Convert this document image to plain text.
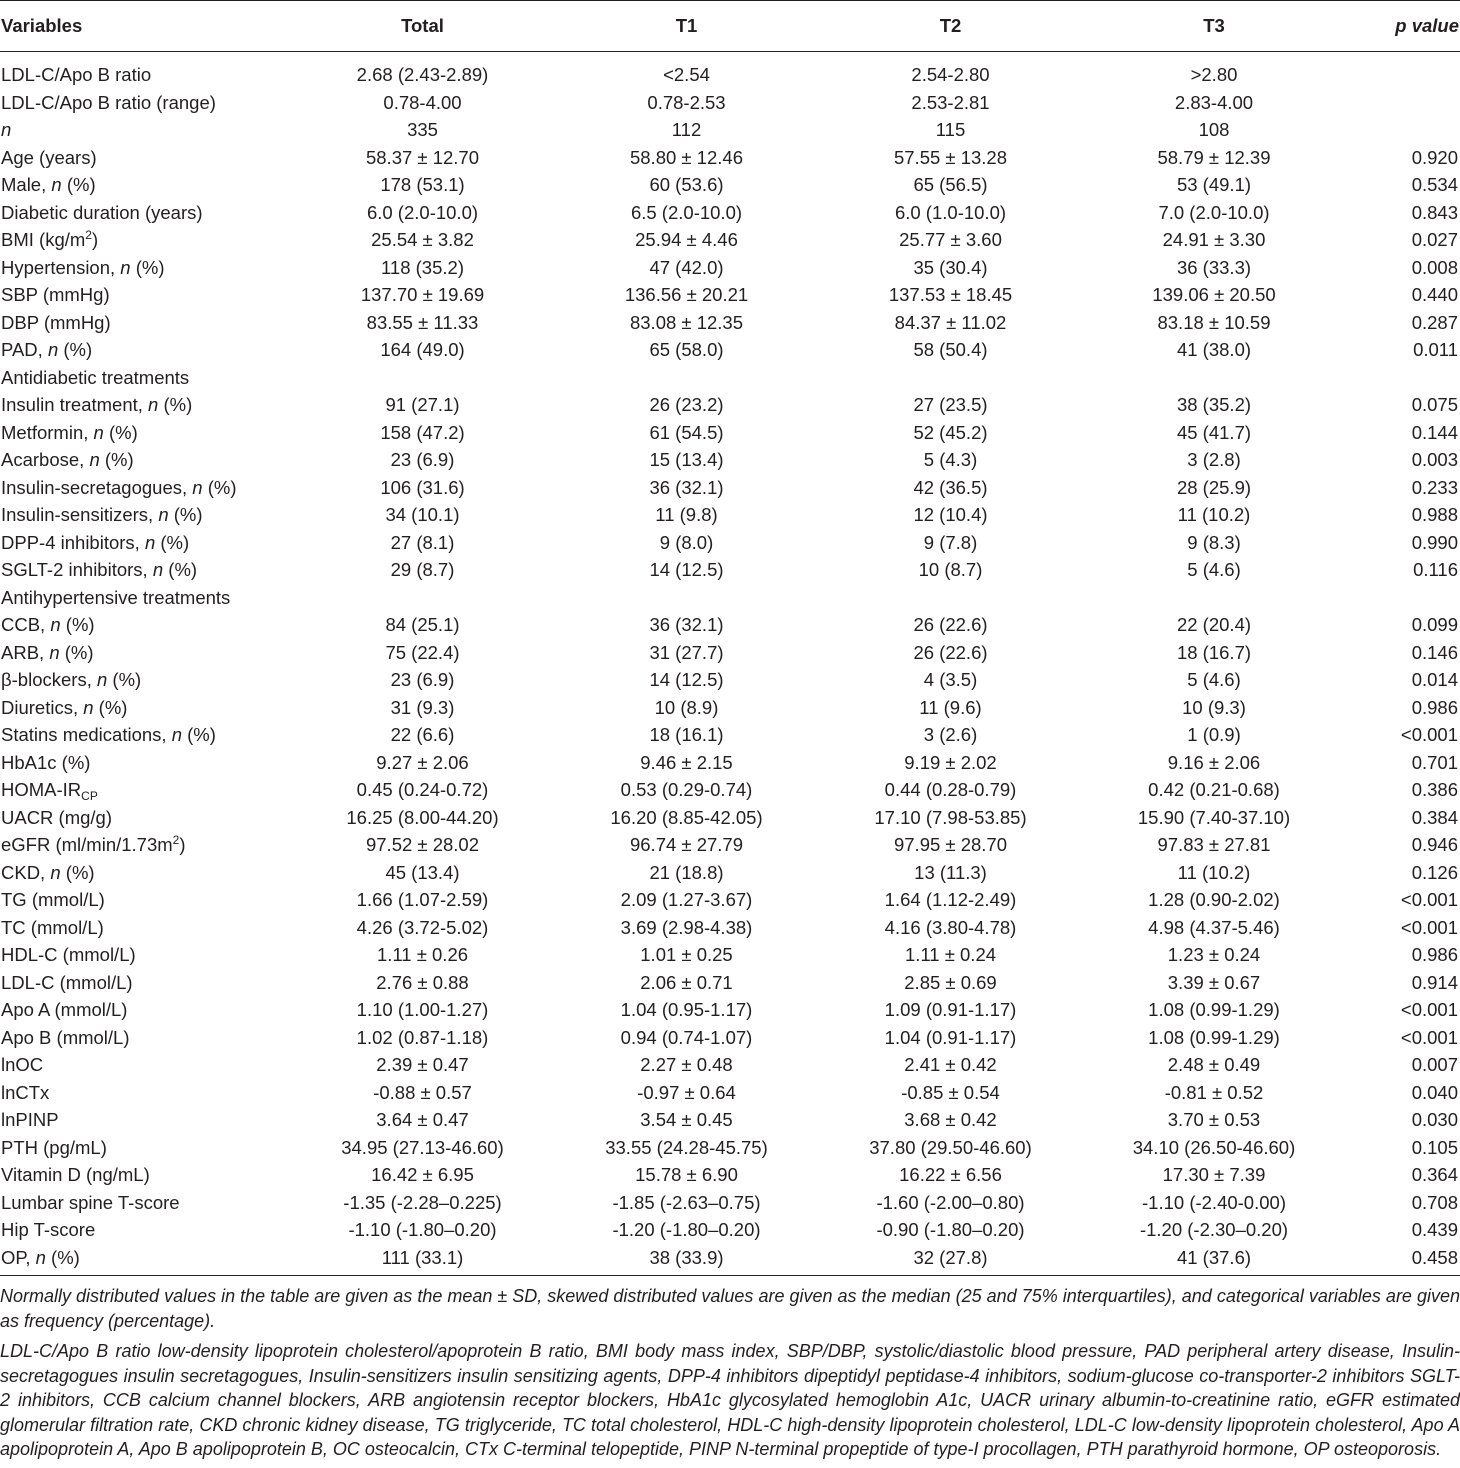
Variables	Total	T1	T2	T3	p value
LDL-C/Apo B ratio	2.68 (2.43-2.89)	<2.54	2.54-2.80	>2.80	
LDL-C/Apo B ratio (range)	0.78-4.00	0.78-2.53	2.53-2.81	2.83-4.00	
n	335	112	115	108	
Age (years)	58.37 ± 12.70	58.80 ± 12.46	57.55 ± 13.28	58.79 ± 12.39	0.920
Male, n (%)	178 (53.1)	60 (53.6)	65 (56.5)	53 (49.1)	0.534
Diabetic duration (years)	6.0 (2.0-10.0)	6.5 (2.0-10.0)	6.0 (1.0-10.0)	7.0 (2.0-10.0)	0.843
BMI $(kg/m^2)$	25.54 ± 3.82	25.94 ± 4.46	25.77 ± 3.60	24.91 ± 3.30	0.027
Hypertension, n (%)	118 (35.2)	47 (42.0)	35 (30.4)	36 (33.3)	0.008
SBP (mmHg)	137.70 ± 19.69	136.56 ± 20.21	137.53 ± 18.45	139.06 ± 20.50	0.440
DBP (mmHg)	83.55 ± 11.33	83.08 ± 12.35	84.37 ± 11.02	83.18 ± 10.59	0.287
PAD, n (%)	164 (49.0)	65 (58.0)	58 (50.4)	41 (38.0)	0.011
Antidiabetic treatments					
Insulin treatment, n (%)	91 (27.1)	26 (23.2)	27 (23.5)	38 (35.2)	0.075
Metformin, n (%)	158 (47.2)	61 (54.5)	52 (45.2)	45 (41.7)	0.144
Acarbose, n (%)	23 (6.9)	15 (13.4)	5 (4.3)	3 (2.8)	0.003
Insulin-secretagogues, n (%)	106 (31.6)	36 (32.1)	42 (36.5)	28 (25.9)	0.233
Insulin-sensitizers, n (%)	34 (10.1)	11 (9.8)	12 (10.4)	11 (10.2)	0.988
DPP-4 inhibitors, n (%)	27 (8.1)	9 (8.0)	9 (7.8)	9 (8.3)	0.990
SGLT-2 inhibitors, n (%)	29 (8.7)	14 (12.5)	10 (8.7)	5 (4.6)	0.116
Antihypertensive treatments					
CCB, n (%)	84 (25.1)	36 (32.1)	26 (22.6)	22 (20.4)	0.099
ARB, n (%)	75 (22.4)	31 (27.7)	26 (22.6)	18 (16.7)	0.146
β-blockers, n (%)	23 (6.9)	14 (12.5)	4 (3.5)	5 (4.6)	0.014
Diuretics, n (%)	31 (9.3)	10 (8.9)	11 (9.6)	10 (9.3)	0.986
Statins medications, n (%)	22 (6.6)	18 (16.1)	3 (2.6)	1 (0.9)	<0.001
HbA1c (%)	9.27 ± 2.06	9.46 ± 2.15	9.19 ± 2.02	9.16 ± 2.06	0.701
HOMA-$IR_{CP}$	0.45 (0.24-0.72)	0.53 (0.29-0.74)	0.44 (0.28-0.79)	0.42 (0.21-0.68)	0.386
UACR (mg/g)	16.25 (8.00-44.20)	16.20 (8.85-42.05)	17.10 (7.98-53.85)	15.90 (7.40-37.10)	0.384
eGFR $(ml/\min/1.73m^2)$	97.52 ± 28.02	96.74 ± 27.79	97.95 ± 28.70	97.83 ± 27.81	0.946
CKD, n (%)	45 (13.4)	21 (18.8)	13 (11.3)	11 (10.2)	0.126
TG (mmol/L)	1.66 (1.07-2.59)	2.09 (1.27-3.67)	1.64 (1.12-2.49)	1.28 (0.90-2.02)	<0.001
TC (mmol/L)	4.26 (3.72-5.02)	3.69 (2.98-4.38)	4.16 (3.80-4.78)	4.98 (4.37-5.46)	<0.001
HDL-C (mmol/L)	1.11 ± 0.26	1.01 ± 0.25	1.11 ± 0.24	1.23 ± 0.24	0.986
LDL-C (mmol/L)	2.76 ± 0.88	2.06 ± 0.71	2.85 ± 0.69	3.39 ± 0.67	0.914
Apo A (mmol/L)	1.10 (1.00-1.27)	1.04 (0.95-1.17)	1.09 (0.91-1.17)	1.08 (0.99-1.29)	<0.001
Apo B (mmol/L)	1.02 (0.87-1.18)	0.94 (0.74-1.07)	1.04 (0.91-1.17)	1.08 (0.99-1.29)	<0.001
lnOC	2.39 ± 0.47	2.27 ± 0.48	2.41 ± 0.42	2.48 ± 0.49	0.007
lnCTx	-0.88 ± 0.57	-0.97 ± 0.64	-0.85 ± 0.54	-0.81 ± 0.52	0.040
lnPINP	3.64 ± 0.47	3.54 ± 0.45	3.68 ± 0.42	3.70 ± 0.53	0.030
PTH (pg/mL)	34.95 (27.13-46.60)	33.55 (24.28-45.75)	37.80 (29.50-46.60)	34.10 (26.50-46.60)	0.105
Vitamin D (ng/mL)	16.42 ± 6.95	15.78 ± 6.90	16.22 ± 6.56	17.30 ± 7.39	0.364
Lumbar spine T-score	-1.35 (-2.28–0.225)	-1.85 (-2.63–0.75)	-1.60 (-2.00–0.80)	-1.10 (-2.40-0.00)	0.708
Hip T-score	-1.10 (-1.80–0.20)	-1.20 (-1.80–0.20)	-0.90 (-1.80–0.20)	-1.20 (-2.30–0.20)	0.439
OP, n (%)	111 (33.1)	38 (33.9)	32 (27.8)	41 (37.6)	0.458

Normally distributed values in the table are given as the mean ± SD, skewed distributed values are given as the median (25 and 75% interquartiles), and categorical variables are given as frequency (percentage).

LDL-C/Apo B ratio low-density lipoprotein cholesterol/apoprotein B ratio, BMI body mass index, SBP/DBP, systolic/diastolic blood pressure, PAD peripheral artery disease, Insulin-secretagogues insulin secretagogues, Insulin-sensitizers insulin sensitizing agents, DPP-4 inhibitors dipeptidyl peptidase-4 inhibitors, sodium-glucose co-transporter-2 inhibitors SGLT-2 inhibitors, CCB calcium channel blockers, ARB angiotensin receptor blockers, HbA1c glycosylated hemoglobin A1c, UACR urinary albumin-to-creatinine ratio, eGFR estimated glomerular filtration rate, CKD chronic kidney disease, TG triglyceride, TC total cholesterol, HDL-C high-density lipoprotein cholesterol, LDL-C low-density lipoprotein cholesterol, Apo A apolipoprotein A, Apo B apolipoprotein B, OC osteocalcin, CTx C-terminal telopeptide, PINP N-terminal propeptide of type-I procollagen, PTH parathyroid hormone, OP osteoporosis.
